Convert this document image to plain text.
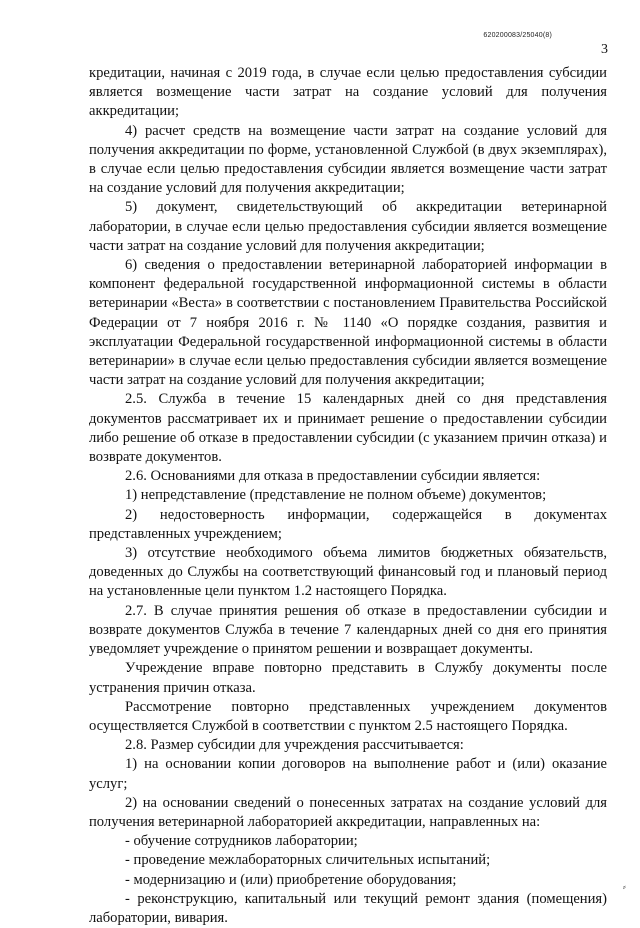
620200083/25040(8)
3

кредитации, начиная с 2019 года, в случае если целью предоставления субсидии является возмещение части затрат на создание условий для получения аккредитации;

4) расчет средств на возмещение части затрат на создание условий для получения аккредитации по форме, установленной Службой (в двух экземплярах), в случае если целью предоставления субсидии является возмещение части затрат на создание условий для получения аккредитации;

5) документ, свидетельствующий об аккредитации ветеринарной лаборатории, в случае если целью предоставления субсидии является возмещение части затрат на создание условий для получения аккредитации;

6) сведения о предоставлении ветеринарной лабораторией информации в компонент федеральной государственной информационной системы в области ветеринарии «Веста» в соответствии с постановлением Правительства Российской Федерации от 7 ноября 2016 г. № 1140 «О порядке создания, развития и эксплуатации Федеральной государственной информационной системы в области ветеринарии» в случае если целью предоставления субсидии является возмещение части затрат на создание условий для получения аккредитации;

2.5. Служба в течение 15 календарных дней со дня представления документов рассматривает их и принимает решение о предоставлении субсидии либо решение об отказе в предоставлении субсидии (с указанием причин отказа) и возврате документов.

2.6. Основаниями для отказа в предоставлении субсидии является:

1) непредставление (представление не полном объеме) документов;

2) недостоверность информации, содержащейся в документах представленных учреждением;

3) отсутствие необходимого объема лимитов бюджетных обязательств, доведенных до Службы на соответствующий финансовый год и плановый период на установленные цели пунктом 1.2 настоящего Порядка.

2.7. В случае принятия решения об отказе в предоставлении субсидии и возврате документов Служба в течение 7 календарных дней со дня его принятия уведомляет учреждение о принятом решении и возвращает документы.

Учреждение вправе повторно представить в Службу документы после устранения причин отказа.

Рассмотрение повторно представленных учреждением документов осуществляется Службой в соответствии с пунктом 2.5 настоящего Порядка.

2.8. Размер субсидии для учреждения рассчитывается:

1) на основании копии договоров на выполнение работ и (или) оказание услуг;

2) на основании сведений о понесенных затратах на создание условий для получения ветеринарной лабораторией аккредитации, направленных на:

- обучение сотрудников лаборатории;

- проведение межлабораторных сличительных испытаний;

- модернизацию и (или) приобретение оборудования;

- реконструкцию, капитальный или текущий ремонт здания (помещения) лаборатории, вивария.

⸗
